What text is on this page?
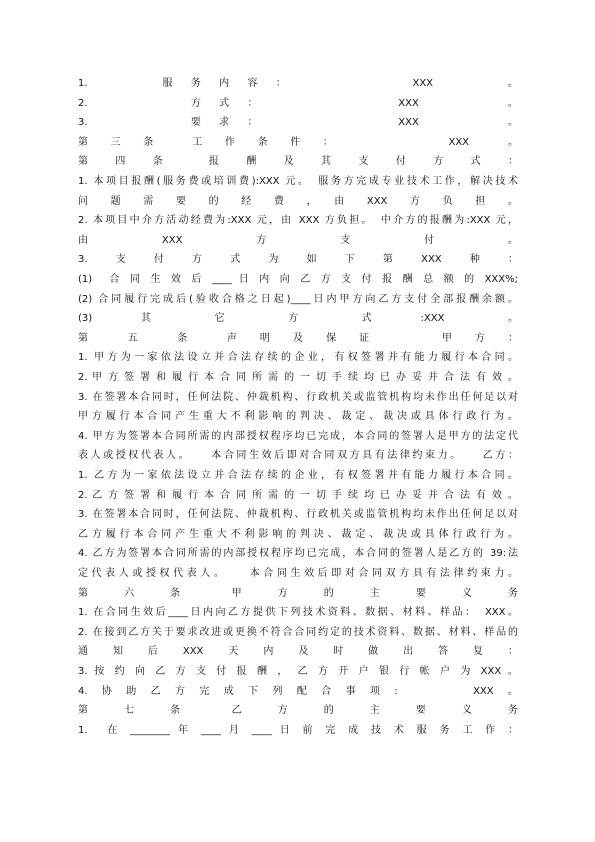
1.　　　　　服　务　内　容　：　　　　　　　　　XXX　　　　　。
2.　　　　　　　方　式　：　　　　　　　　　　XXX　　　　　　。
3.　　　　　　　要　求　：　　　　　　　　　　XXX　　　　　　。
第　三　条　　工　作　条　件　：　　　　　　　XXX　　。
第　四　条　　报　酬　及　其　支　付　方　式　：
1. 本项目报酬(服务费或培训费):XXX 元。　服务方完成专业技术工作，解决技术
问　题　需　要　的　经　费　，　由　XXX　方　负　担　。
2. 本项目中介方活动经费为:XXX 元，由 XXX 方负担。　中介方的报酬为:XXX 元，
由　　　　XXX　　　　方　　　　支　　　　付　　　　。
3.　支　付　方　式　为　如　下　第　XXX　种　：
(1)　合 同 生 效 后 ____ 日 内 向 乙 方 支 付 报 酬 总 额 的 XXX%;
(2) 合同履行完成后(验收合格之日起)____日内甲方向乙方支付全部报酬余额。
(3)　　　其　　　　它　　　　方　　　　式　　　:XXX　　　　。
第　　五　　条　　声　明　及　保　证　　　　甲　方　：
1. 甲方为一家依法设立并合法存续的企业，有权签署并有能力履行本合同。
2. 甲 方 签 署 和 履 行 本 合 同 所 需 的 一 切 手 续 均 已 办 妥 并 合 法 有 效 。
3. 在签署本合同时，任何法院、仲裁机构、行政机关或监管机构均未作出任何足以对
甲方履行本合同产生重大不利影响的判决、裁定、裁决或具体行政行为。
4. 甲方为签署本合同所需的内部授权程序均已完成，本合同的签署人是甲方的法定代
表人或授权代表人。　　本合同生效后即对合同双方具有法律约束力。　　乙方：
1. 乙方为一家依法设立并合法存续的企业，有权签署并有能力履行本合同。
2. 乙 方 签 署 和 履 行 本 合 同 所 需 的 一 切 手 续 均 已 办 妥 并 合 法 有 效 。
3. 在签署本合同时，任何法院、仲裁机构、行政机关或监管机构均未作出任何足以对
乙方履行本合同产生重大不利影响的判决、裁定、裁决或具体行政行为。
4. 乙方为签署本合同所需的内部授权程序均已完成，本合同的签署人是乙方的 39:法
定代表人或授权代表人。　　本合同生效后即对合同双方具有法律约束力。
第　　六　　条　　　甲　　方　　的　　主　　要　　义　　务
1. 在合同生效后____日内向乙方提供下列技术资料、数据、材料、样品：　XXX。
2. 在接到乙方关于要求改进或更换不符合合同约定的技术资料、数据、材料、样品的
通　知　后　XXX　天　内　及　时　做　出　答　复　：
3. 按 约 向 乙 方 支 付 报 酬 ， 乙 方 开 户 银 行 帐 户 为 XXX 。
4.　协　助　乙　方　完　成　下　列　配　合　事　项　:　　　　　　XXX　。
第　　七　　条　　　乙　　方　　的　　主　　要　　义　　务
1.　在 ________ 年 ____ 月 ____ 日 前 完 成 技 术 服 务 工 作 ：
